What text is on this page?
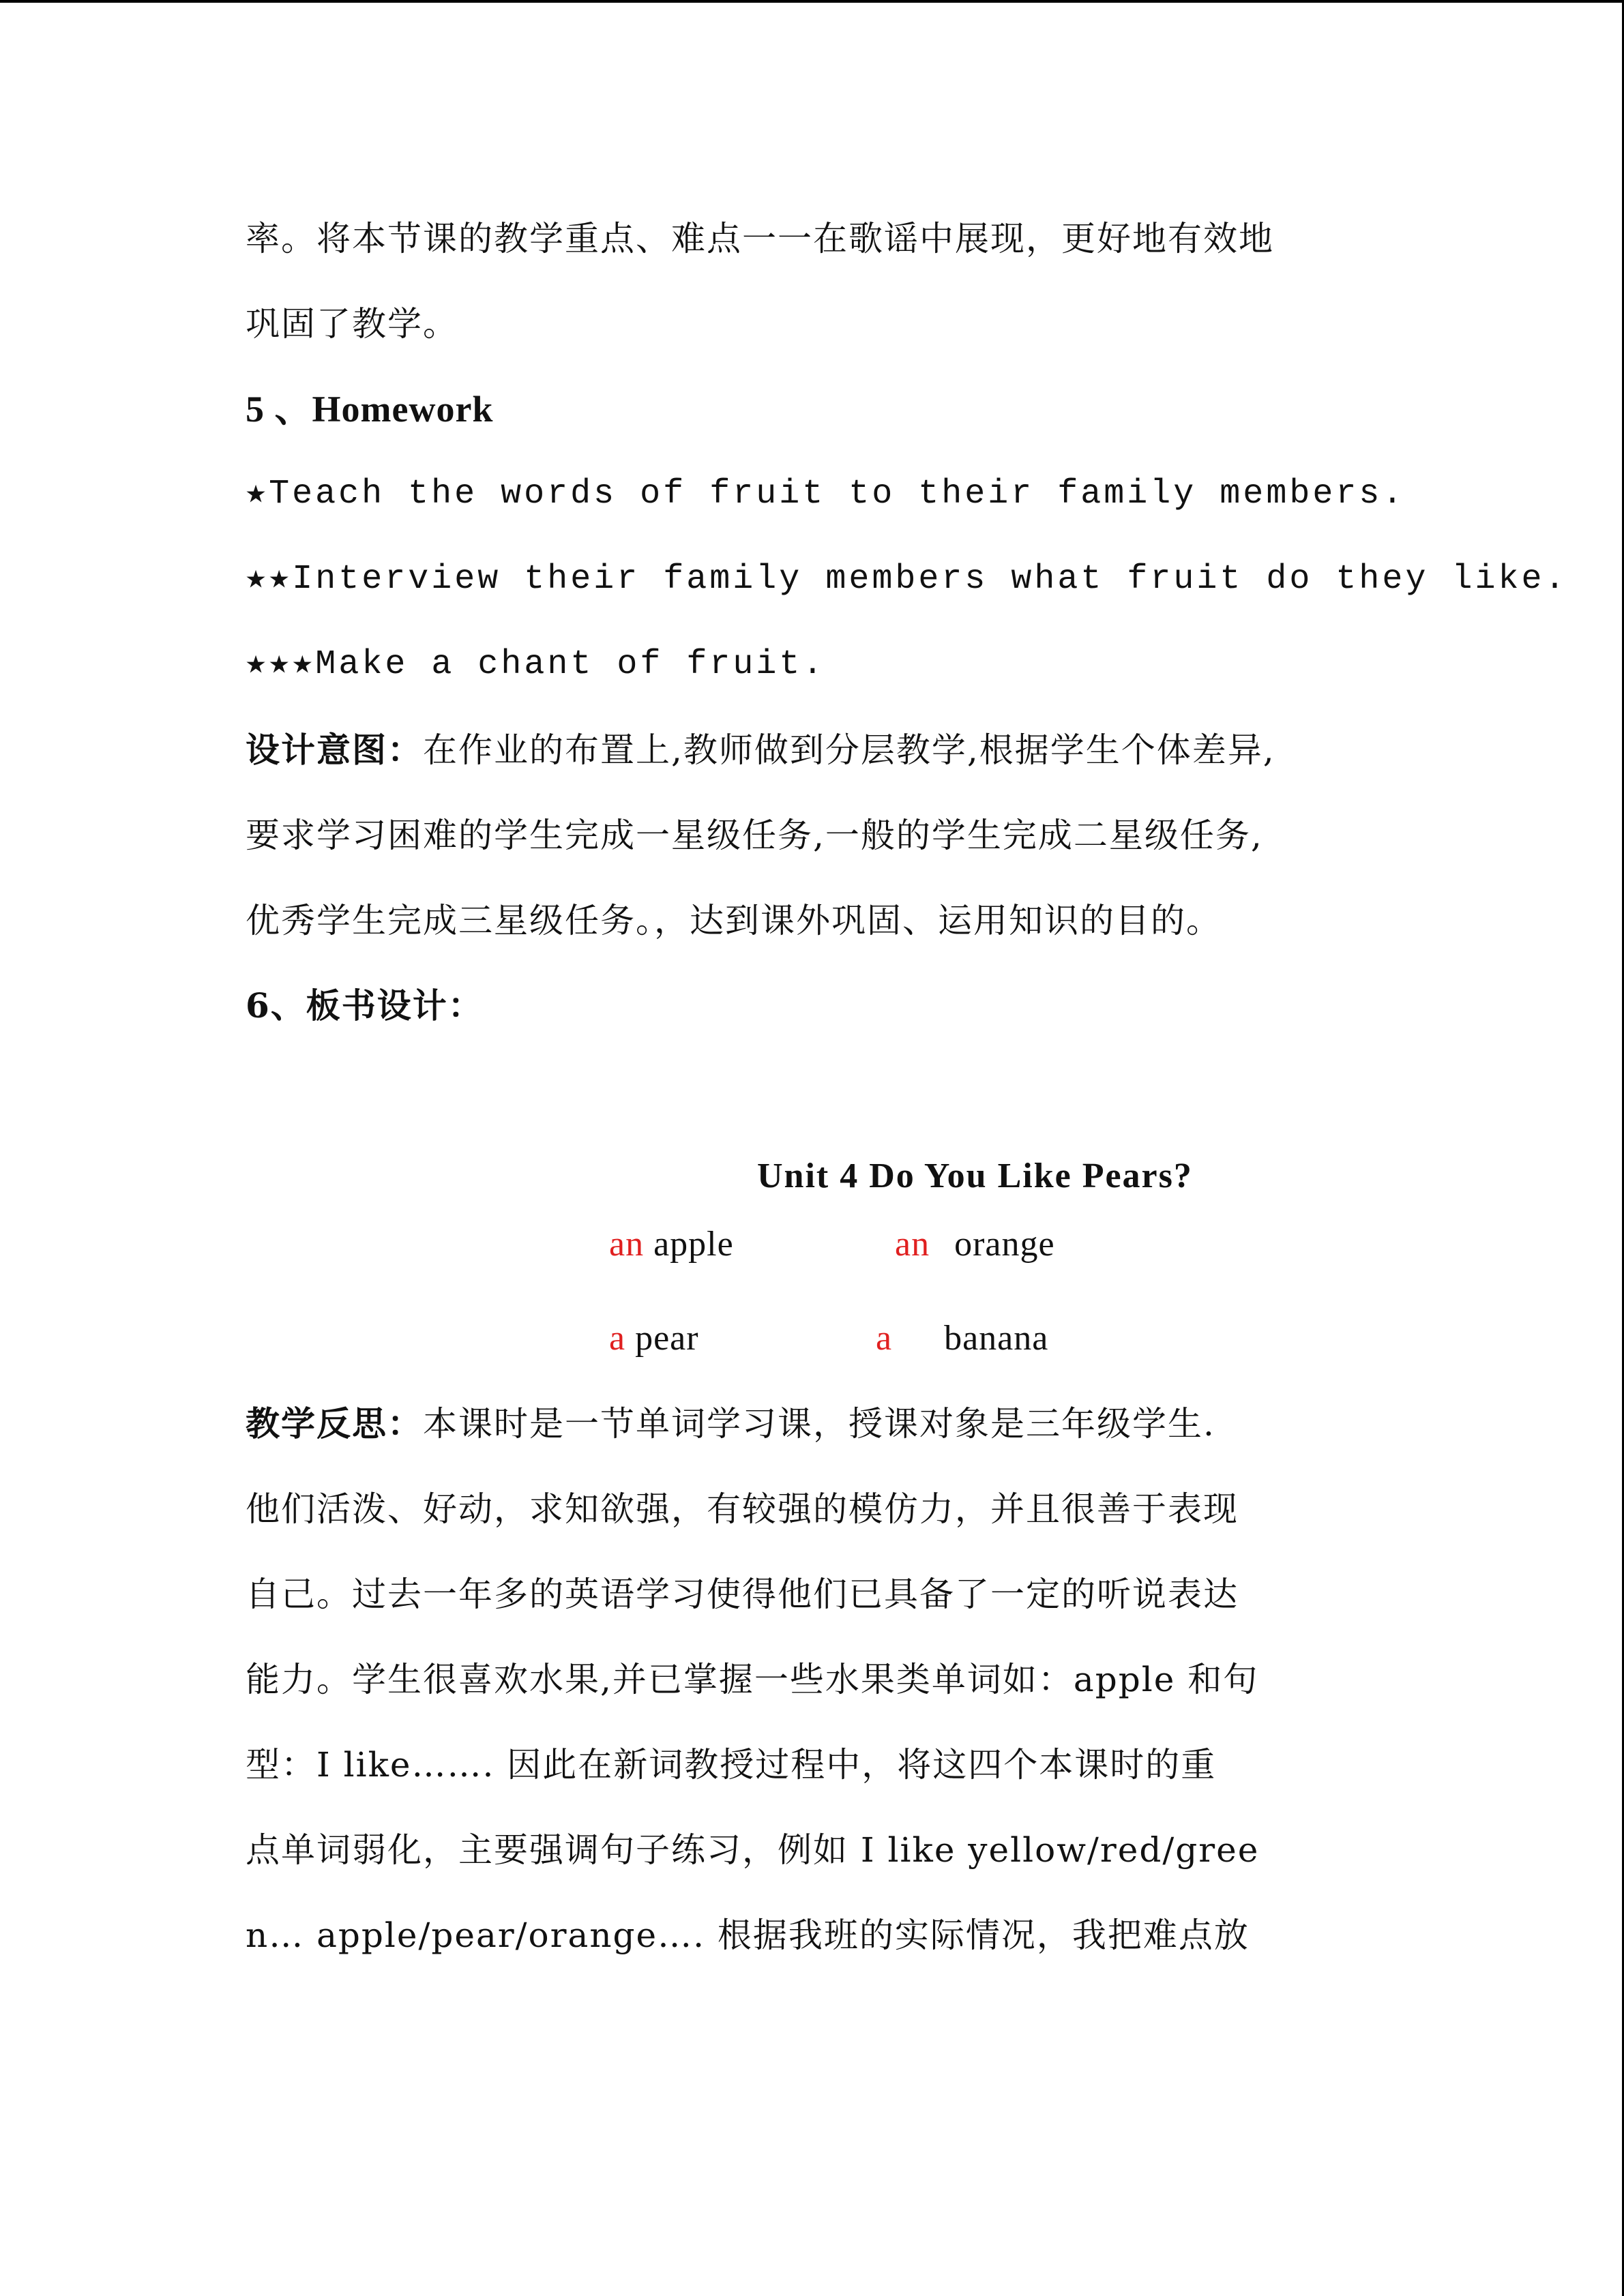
率。将本节课的教学重点、难点一一在歌谣中展现，更好地有效地
巩固了教学。
5 、Homework
★Teach the words of fruit to their family members.
★★Interview their family members what fruit do they like.
★★★Make a chant of fruit.
设计意图：在作业的布置上,教师做到分层教学,根据学生个体差异,
要求学习困难的学生完成一星级任务,一般的学生完成二星级任务,
优秀学生完成三星级任务。，达到课外巩固、运用知识的目的。
6、板书设计：
Unit 4 Do You Like Pears?
an apple	an orange
a pear	a banana
教学反思：本课时是一节单词学习课，授课对象是三年级学生.
他们活泼、好动，求知欲强，有较强的模仿力，并且很善于表现
自己。过去一年多的英语学习使得他们已具备了一定的听说表达
能力。学生很喜欢水果,并已掌握一些水果类单词如：apple 和句
型：I like……. 因此在新词教授过程中，将这四个本课时的重
点单词弱化，主要强调句子练习，例如 I like yellow/red/gree
n… apple/pear/orange…. 根据我班的实际情况，我把难点放
